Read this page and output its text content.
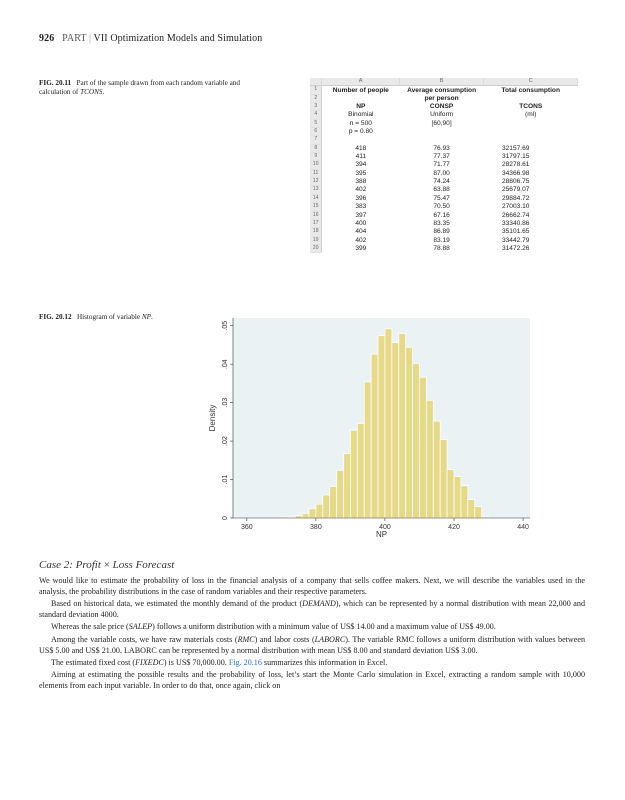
926 PART | VII Optimization Models and Simulation
FIG. 20.11 Part of the sample drawn from each random variable and
calculation of TCONS.
	A	B	C
1	Number of people	Average consumption	Total consumption
2		per person	
3	NP	CONSP	TCONS
4	Binomial	Uniform	(ml)
5	n = 500	[60,90]	
6	p = 0.80		
7			
8	418	76.93	32157.69
9	411	77.37	31797.15
10	394	71.77	28278.61
11	395	87.00	34366.98
12	388	74.24	28806.75
13	402	63.88	25679.07
14	396	75.47	29884.72
15	383	70.50	27003.10
16	397	67.16	26662.74
17	400	83.35	33340.86
18	404	86.89	35101.65
19	402	83.19	33442.79
20	399	78.88	31472.26
FIG. 20.12 Histogram of variable NP.
360	380	400	420	440
0
.01
.02
.03
.04
.05
NP
Density
Case 2: Profit × Loss Forecast

We would like to estimate the probability of loss in the financial analysis of a company that sells coffee makers. Next, we will describe the variables used in the analysis, the probability distributions in the case of random variables and their respective parameters.

Based on historical data, we estimated the monthly demand of the product (DEMAND), which can be represented by a normal distribution with mean 22,000 and standard deviation 4000.

Whereas the sale price (SALEP) follows a uniform distribution with a minimum value of US$ 14.00 and a maximum value of US$ 49.00.

Among the variable costs, we have raw materials costs (RMC) and labor costs (LABORC). The variable RMC follows a uniform distribution with values between US$ 5.00 and US$ 21.00. LABORC can be represented by a normal distribution with mean US$ 8.00 and standard deviation US$ 3.00.

The estimated fixed cost (FIXEDC) is US$ 70,000.00. Fig. 20.16 summarizes this information in Excel.

Aiming at estimating the possible results and the probability of loss, let’s start the Monte Carlo simulation in Excel, extracting a random sample with 10,000 elements from each input variable. In order to do that, once again, click on
